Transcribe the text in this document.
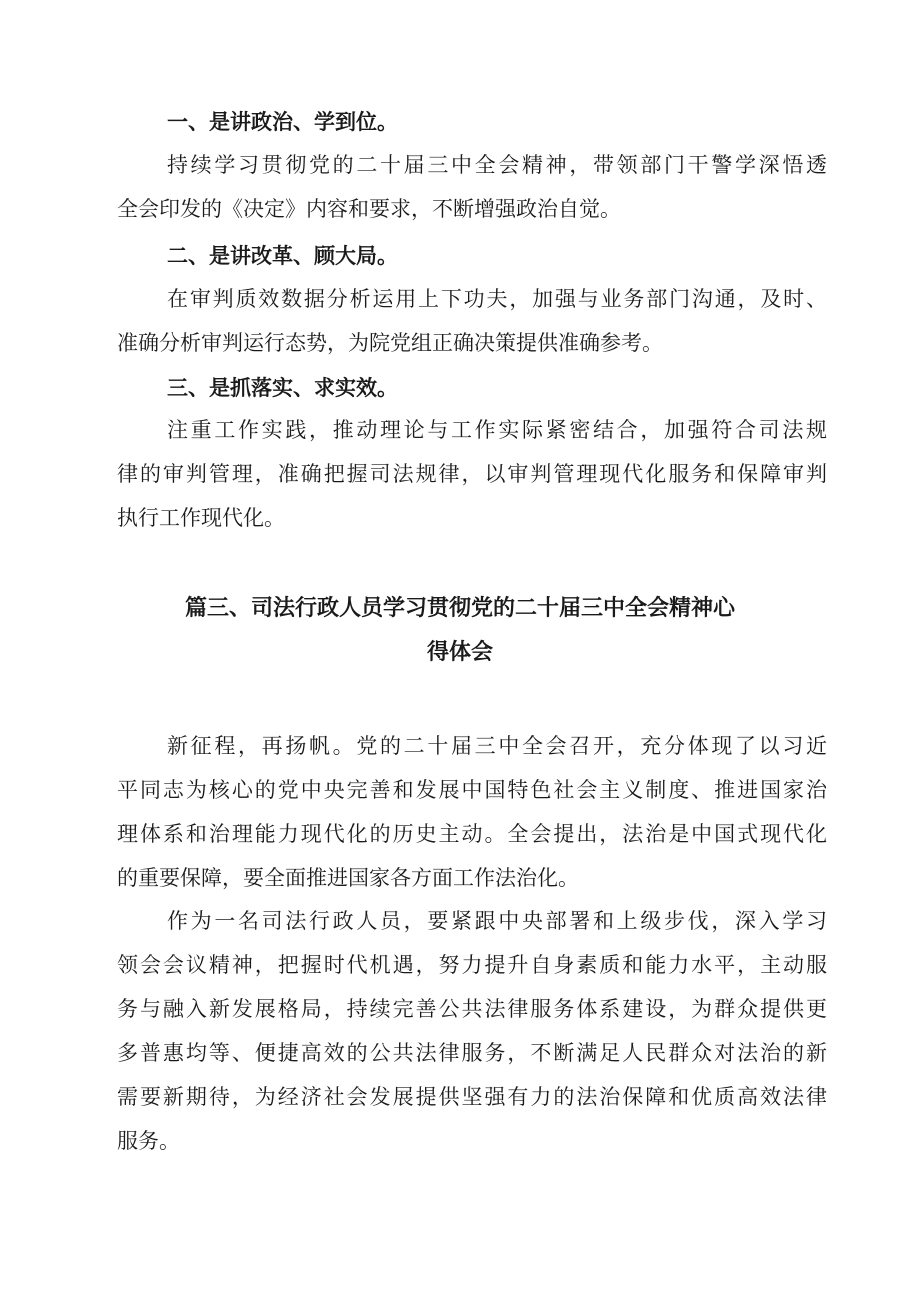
一、是讲政治、学到位。
持续学习贯彻党的二十届三中全会精神，带领部门干警学深悟透
全会印发的《决定》内容和要求，不断增强政治自觉。
二、是讲改革、顾大局。
在审判质效数据分析运用上下功夫，加强与业务部门沟通，及时、
准确分析审判运行态势，为院党组正确决策提供准确参考。
三、是抓落实、求实效。
注重工作实践，推动理论与工作实际紧密结合，加强符合司法规
律的审判管理，准确把握司法规律，以审判管理现代化服务和保障审判
执行工作现代化。
篇三、司法行政人员学习贯彻党的二十届三中全会精神心
得体会
新征程，再扬帆。党的二十届三中全会召开，充分体现了以习近
平同志为核心的党中央完善和发展中国特色社会主义制度、推进国家治
理体系和治理能力现代化的历史主动。全会提出，法治是中国式现代化
的重要保障，要全面推进国家各方面工作法治化。
作为一名司法行政人员，要紧跟中央部署和上级步伐，深入学习
领会会议精神，把握时代机遇，努力提升自身素质和能力水平，主动服
务与融入新发展格局，持续完善公共法律服务体系建设，为群众提供更
多普惠均等、便捷高效的公共法律服务，不断满足人民群众对法治的新
需要新期待，为经济社会发展提供坚强有力的法治保障和优质高效法律
服务。
